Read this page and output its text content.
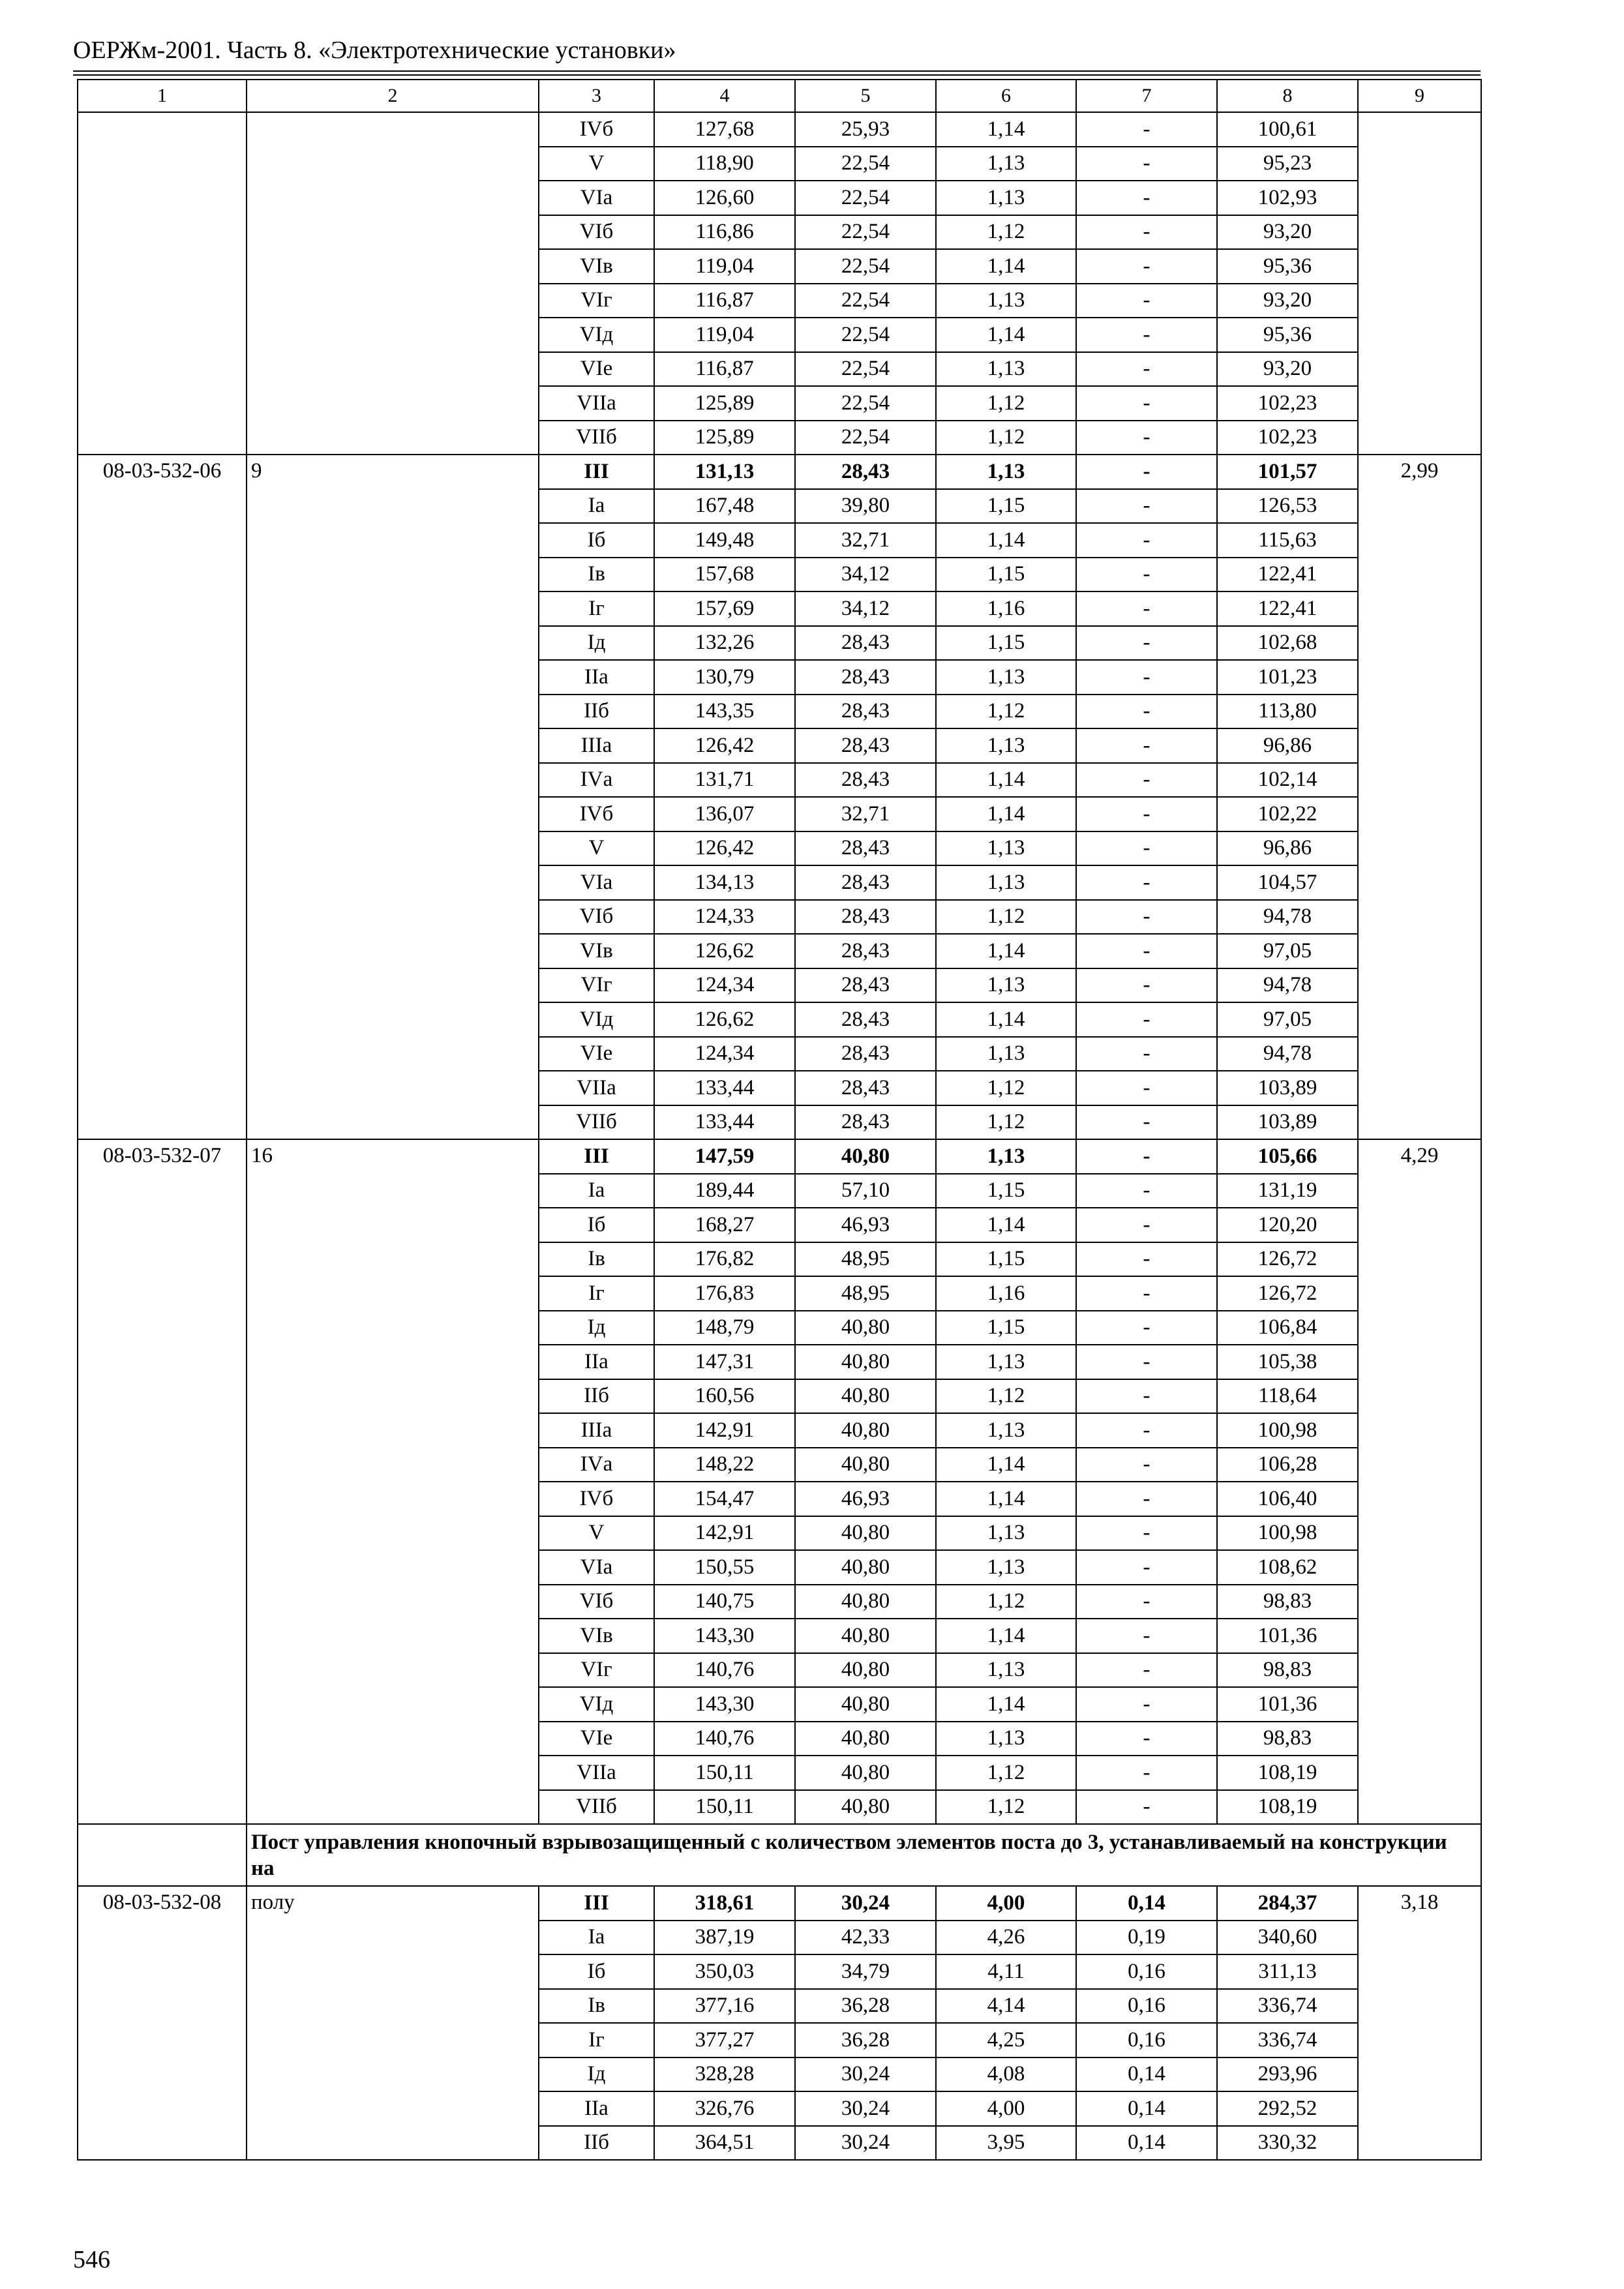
ОЕРЖм-2001. Часть 8. «Электротехнические установки»
1	2	3	4	5	6	7	8	9
		IVб	127,68	25,93	1,14	-	100,61	
		V	118,90	22,54	1,13	-	95,23	
		VIа	126,60	22,54	1,13	-	102,93	
		VIб	116,86	22,54	1,12	-	93,20	
		VIв	119,04	22,54	1,14	-	95,36	
		VIг	116,87	22,54	1,13	-	93,20	
		VIд	119,04	22,54	1,14	-	95,36	
		VIе	116,87	22,54	1,13	-	93,20	
		VIIа	125,89	22,54	1,12	-	102,23	
		VIIб	125,89	22,54	1,12	-	102,23	
08-03-532-06	9	III	131,13	28,43	1,13	-	101,57	2,99
		Iа	167,48	39,80	1,15	-	126,53	
		Iб	149,48	32,71	1,14	-	115,63	
		Iв	157,68	34,12	1,15	-	122,41	
		Iг	157,69	34,12	1,16	-	122,41	
		Iд	132,26	28,43	1,15	-	102,68	
		IIа	130,79	28,43	1,13	-	101,23	
		IIб	143,35	28,43	1,12	-	113,80	
		IIIа	126,42	28,43	1,13	-	96,86	
		IVа	131,71	28,43	1,14	-	102,14	
		IVб	136,07	32,71	1,14	-	102,22	
		V	126,42	28,43	1,13	-	96,86	
		VIа	134,13	28,43	1,13	-	104,57	
		VIб	124,33	28,43	1,12	-	94,78	
		VIв	126,62	28,43	1,14	-	97,05	
		VIг	124,34	28,43	1,13	-	94,78	
		VIд	126,62	28,43	1,14	-	97,05	
		VIе	124,34	28,43	1,13	-	94,78	
		VIIа	133,44	28,43	1,12	-	103,89	
		VIIб	133,44	28,43	1,12	-	103,89	
08-03-532-07	16	III	147,59	40,80	1,13	-	105,66	4,29
		Iа	189,44	57,10	1,15	-	131,19	
		Iб	168,27	46,93	1,14	-	120,20	
		Iв	176,82	48,95	1,15	-	126,72	
		Iг	176,83	48,95	1,16	-	126,72	
		Iд	148,79	40,80	1,15	-	106,84	
		IIа	147,31	40,80	1,13	-	105,38	
		IIб	160,56	40,80	1,12	-	118,64	
		IIIа	142,91	40,80	1,13	-	100,98	
		IVа	148,22	40,80	1,14	-	106,28	
		IVб	154,47	46,93	1,14	-	106,40	
		V	142,91	40,80	1,13	-	100,98	
		VIа	150,55	40,80	1,13	-	108,62	
		VIб	140,75	40,80	1,12	-	98,83	
		VIв	143,30	40,80	1,14	-	101,36	
		VIг	140,76	40,80	1,13	-	98,83	
		VIд	143,30	40,80	1,14	-	101,36	
		VIе	140,76	40,80	1,13	-	98,83	
		VIIа	150,11	40,80	1,12	-	108,19	
		VIIб	150,11	40,80	1,12	-	108,19	
	Пост управления кнопочный взрывозащищенный с количеством элементов поста до 3, устанавливаемый на конструкции на							
08-03-532-08	полу	III	318,61	30,24	4,00	0,14	284,37	3,18
		Iа	387,19	42,33	4,26	0,19	340,60	
		Iб	350,03	34,79	4,11	0,16	311,13	
		Iв	377,16	36,28	4,14	0,16	336,74	
		Iг	377,27	36,28	4,25	0,16	336,74	
		Iд	328,28	30,24	4,08	0,14	293,96	
		IIа	326,76	30,24	4,00	0,14	292,52	
		IIб	364,51	30,24	3,95	0,14	330,32	
546
